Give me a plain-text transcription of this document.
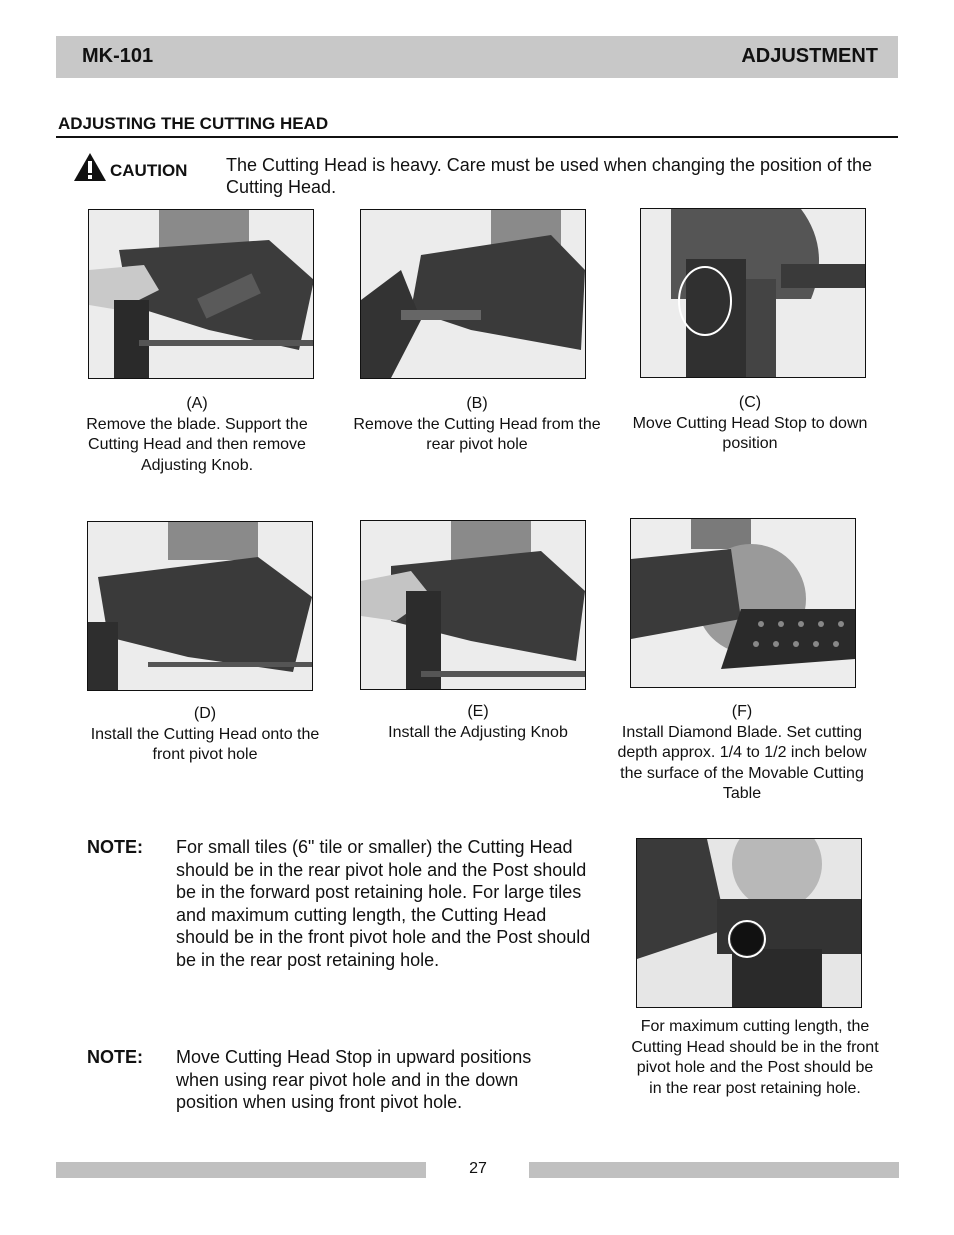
MK-101	ADJUSTMENT
ADJUSTING THE CUTTING HEAD
CAUTION The Cutting Head is heavy. Care must be used when changing the position of the Cutting Head.
(A)
Remove the blade. Support the Cutting Head and then remove Adjusting Knob.
(B)
Remove the Cutting Head from the rear pivot hole
(C)
Move Cutting Head Stop to down position
(D)
Install the Cutting Head onto the front pivot hole
(E)
Install the Adjusting Knob
(F)
Install Diamond Blade. Set cutting depth approx. 1/4 to 1/2 inch below the surface of the Movable Cutting Table
NOTE: For small tiles (6" tile or smaller) the Cutting Head should be in the rear pivot hole and the Post should be in the forward post retaining hole. For large tiles and maximum cutting length, the Cutting Head should be in the front pivot hole and the Post should be in the rear post retaining hole.
NOTE: Move Cutting Head Stop in upward positions when using rear pivot hole and in the down position when using front pivot hole.
For maximum cutting length, the Cutting Head should be in the front pivot hole and the Post should be in the rear post retaining hole.
27
